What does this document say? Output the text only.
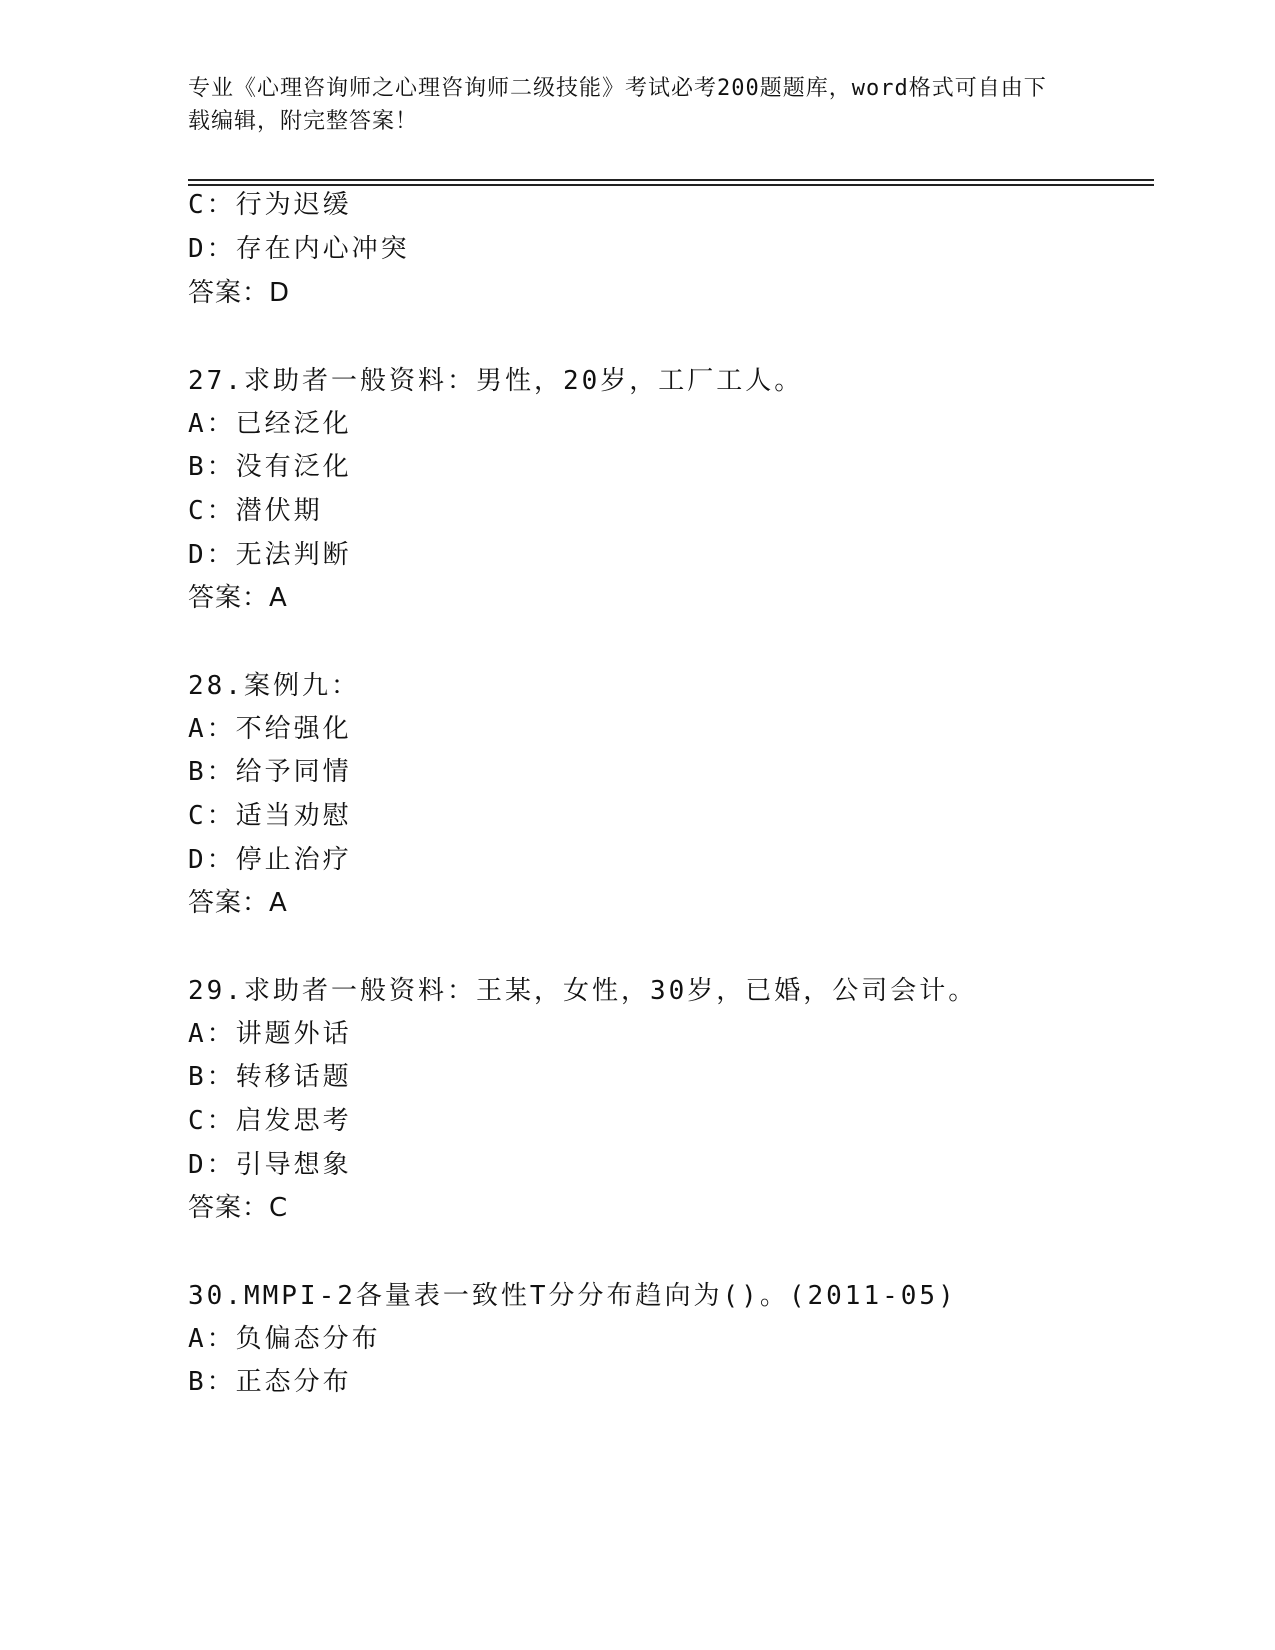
专业《心理咨询师之心理咨询师二级技能》考试必考200题题库，word格式可自由下载编辑，附完整答案！
C：行为迟缓
D：存在内心冲突
答案：D
27.求助者一般资料：男性，20岁，工厂工人。
A：已经泛化
B：没有泛化
C：潜伏期
D：无法判断
答案：A
28.案例九：
A：不给强化
B：给予同情
C：适当劝慰
D：停止治疗
答案：A
29.求助者一般资料：王某，女性，30岁，已婚，公司会计。
A：讲题外话
B：转移话题
C：启发思考
D：引导想象
答案：C
30.MMPI-2各量表一致性T分分布趋向为()。(2011-05)
A：负偏态分布
B：正态分布
